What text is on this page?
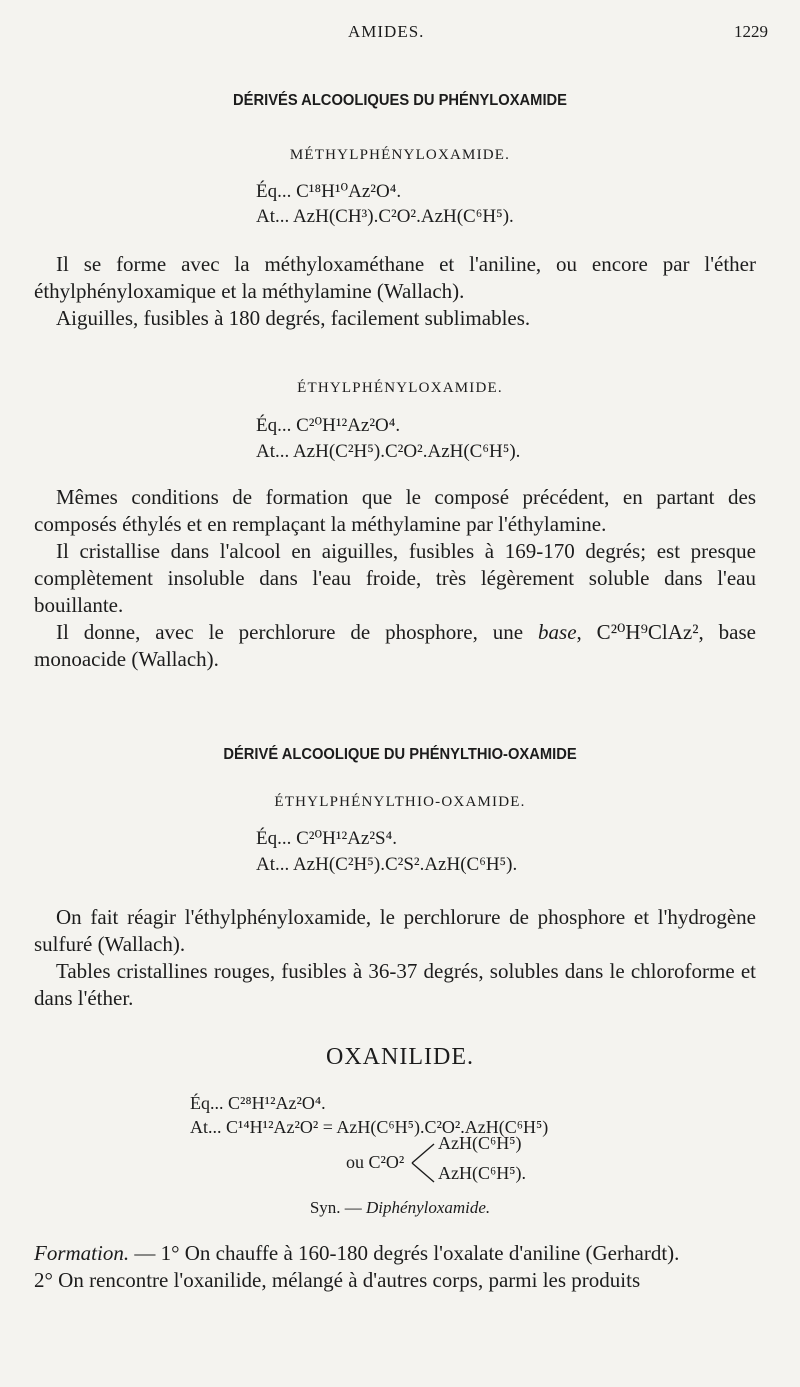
AMIDES.	1229
DÉRIVÉS ALCOOLIQUES DU PHÉNYLOXAMIDE
MÉTHYLPHÉNYLOXAMIDE.
Éq... C¹⁸H¹⁰Az²O⁴.
At... AzH(CH³).C²O².AzH(C⁶H⁵).

Il se forme avec la méthyloxaméthane et l'aniline, ou encore par l'éther éthylphényloxamique et la méthylamine (Wallach).

Aiguilles, fusibles à 180 degrés, facilement sublimables.

ÉTHYLPHÉNYLOXAMIDE.
Éq... C²⁰H¹²Az²O⁴.
At... AzH(C²H⁵).C²O².AzH(C⁶H⁵).

Mêmes conditions de formation que le composé précédent, en partant des composés éthylés et en remplaçant la méthylamine par l'éthylamine.

Il cristallise dans l'alcool en aiguilles, fusibles à 169-170 degrés; est presque complètement insoluble dans l'eau froide, très légèrement soluble dans l'eau bouillante.

Il donne, avec le perchlorure de phosphore, une base, C²⁰H⁹ClAz², base monoacide (Wallach).

DÉRIVÉ ALCOOLIQUE DU PHÉNYLTHIO-OXAMIDE
ÉTHYLPHÉNYLTHIO-OXAMIDE.
Éq... C²⁰H¹²Az²S⁴.
At... AzH(C²H⁵).C²S².AzH(C⁶H⁵).

On fait réagir l'éthylphényloxamide, le perchlorure de phosphore et l'hydrogène sulfuré (Wallach).

Tables cristallines rouges, fusibles à 36-37 degrés, solubles dans le chloroforme et dans l'éther.

OXANILIDE.
Éq... C²⁸H¹²Az²O⁴.
At... C¹⁴H¹²Az²O² = AzH(C⁶H⁵).C²O².AzH(C⁶H⁵)
ou C²O²
AzH(C⁶H⁵)
AzH(C⁶H⁵).
Syn. — Diphényloxamide.

Formation. — 1° On chauffe à 160-180 degrés l'oxalate d'aniline (Gerhardt).

2° On rencontre l'oxanilide, mélangé à d'autres corps, parmi les produits
